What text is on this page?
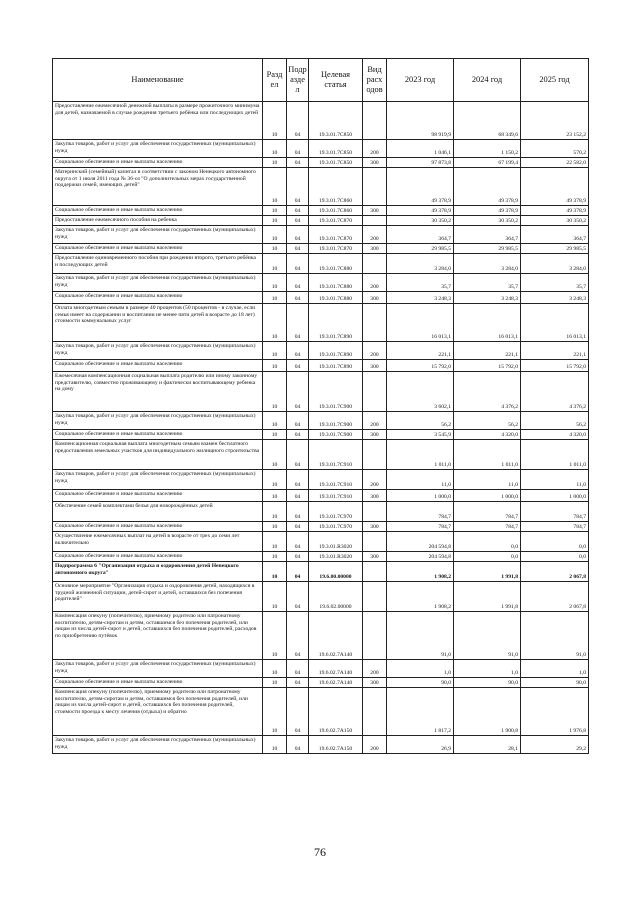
Наименование	Разд ел	Подр азде л	Целевая статья	Вид расх одов	2023 год	2024 год	2025 год
Предоставление ежемесячной денежной выплаты в размере прожиточного минимума для детей, назначаемой в случае рождения третьего ребёнка или последующих детей	10	04	19.3.01.7C850		98 919,9	68 349,6	23 152,2
Закупка товаров, работ и услуг для обеспечения государственных (муниципальных) нужд	10	04	19.3.01.7C850	200	1 046,1	1 150,2	570,2
Социальное обеспечение и иные выплаты населению	10	04	19.3.01.7C850	300	97 873,8	67 199,4	22 582,0
Материнский (семейный) капитал в соответствии с законом Ненецкого автономного округа от 1 июля 2011 года № 36-оз "О дополнительных мерах государственной поддержки семей, имеющих детей"	10	04	19.3.01.7C860		49 378,9	49 378,9	49 378,9
Социальное обеспечение и иные выплаты населению	10	04	19.3.01.7C860	300	49 378,9	49 378,9	49 378,9
Предоставление ежемесячного пособия на ребенка	10	04	19.3.01.7C870		30 350,2	30 350,2	30 350,2
Закупка товаров, работ и услуг для обеспечения государственных (муниципальных) нужд	10	04	19.3.01.7C870	200	364,7	364,7	364,7
Социальное обеспечение и иные выплаты населению	10	04	19.3.01.7C870	300	29 985,5	29 985,5	29 985,5
Предоставление единовременного пособия при рождении второго, третьего ребёнка и последующих детей	10	04	19.3.01.7C880		3 284,0	3 284,0	3 284,0
Закупка товаров, работ и услуг для обеспечения государственных (муниципальных) нужд	10	04	19.3.01.7C880	200	35,7	35,7	35,7
Социальное обеспечение и иные выплаты населению	10	04	19.3.01.7C880	300	3 248,3	3 248,3	3 248,3
Оплата многодетным семьям в размере 40 процентов (50 процентов - в случае, если семья имеет на содержании и воспитании не менее пяти детей в возрасте до 18 лет) стоимости коммунальных услуг	10	04	19.3.01.7C890		16 013,1	16 013,1	16 013,1
Закупка товаров, работ и услуг для обеспечения государственных (муниципальных) нужд	10	04	19.3.01.7C890	200	221,1	221,1	221,1
Социальное обеспечение и иные выплаты населению	10	04	19.3.01.7C890	300	15 792,0	15 792,0	15 792,0
Ежемесячная компенсационная социальная выплата родителю или иному законному представителю, совместно проживающему и фактически воспитывающему ребенка на дому	10	04	19.3.01.7C900		3 602,1	4 376,2	4 376,2
Закупка товаров, работ и услуг для обеспечения государственных (муниципальных) нужд	10	04	19.3.01.7C900	200	56,2	56,2	56,2
Социальное обеспечение и иные выплаты населению	10	04	19.3.01.7C900	300	3 545,9	4 320,0	4 320,0
Компенсационная социальная выплата многодетным семьям взамен бесплатного предоставления земельных участков для индивидуального жилищного строительства	10	04	19.3.01.7C910		1 011,0	1 011,0	1 011,0
Закупка товаров, работ и услуг для обеспечения государственных (муниципальных) нужд	10	04	19.3.01.7C910	200	11,0	11,0	11,0
Социальное обеспечение и иные выплаты населению	10	04	19.3.01.7C910	300	1 000,0	1 000,0	1 000,0
Обеспечение семей комплектами белья для новорождённых детей	10	04	19.3.01.7C970		784,7	784,7	784,7
Социальное обеспечение и иные выплаты населению	10	04	19.3.01.7C970	300	784,7	784,7	784,7
Осуществление ежемесячных выплат на детей в возрасте от трех до семи лет включительно	10	04	19.3.01.R3020		204 594,8	0,0	0,0
Социальное обеспечение и иные выплаты населению	10	04	19.3.01.R3020	300	204 594,8	0,0	0,0
Подпрограмма 6 "Организация отдыха и оздоровления детей Ненецкого автономного округа"	10	04	19.6.00.00000		1 908,2	1 991,8	2 067,8
Основное мероприятие "Организация отдыха и оздоровления детей, находящихся в трудной жизненной ситуации, детей-сирот и детей, оставшихся без попечения родителей"	10	04	19.6.02.00000		1 908,2	1 991,8	2 067,8
Компенсация опекуну (попечителю), приемному родителю или патронатному воспитателю, детям-сиротам и детям, оставшимся без попечения родителей, или лицам из числа детей-сирот и детей, оставшихся без попечения родителей, расходов по приобретению путёвок	10	04	19.6.02.7А140		91,0	91,0	91,0
Закупка товаров, работ и услуг для обеспечения государственных (муниципальных) нужд	10	04	19.6.02.7А140	200	1,0	1,0	1,0
Социальное обеспечение и иные выплаты населению	10	04	19.6.02.7А140	300	90,0	90,0	90,0
Компенсация опекуну (попечителю), приемному родителю или патронатному воспитателю, детям-сиротам и детям, оставшимся без попечения родителей, или лицам из числа детей-сирот и детей, оставшихся без попечения родителей, стоимости проезда к месту лечения (отдыха) и обратно	10	04	19.6.02.7А150		1 817,2	1 900,8	1 976,8
Закупка товаров, работ и услуг для обеспечения государственных (муниципальных) нужд	10	04	19.6.02.7А150	200	26,9	28,1	29,2
76
